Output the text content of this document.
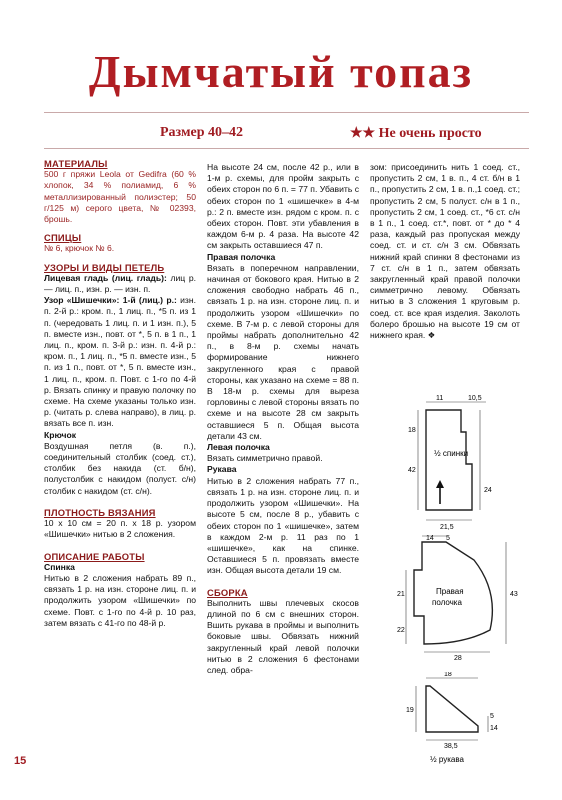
Дымчатый топаз
Размер 40–42	★★ Не очень просто
МАТЕРИАЛЫ

500 г пряжи Leola от Gedifra (60 % хлопок, 34 % полиамид, 6 % металлизированный полиэстер; 50 г/125 м) серого цвета, № 02393, брошь.

СПИЦЫ

№ 6, крючок № 6.

УЗОРЫ И ВИДЫ ПЕТЕЛЬ

Лицевая гладь (лиц. гладь): лиц р. — лиц. п., изн. р. — изн. п.

Узор «Шишечки»: 1-й (лиц.) р.: изн. п. 2-й р.: кром. п., 1 лиц. п., *5 п. из 1 п. (чередовать 1 лиц. п. и 1 изн. п.), 5 п. вместе изн., повт. от *, 5 п. в 1 п., 1 лиц. п., кром. п. 3-й р.: изн. п. 4-й р.: кром. п., 1 лиц. п., *5 п. вместе изн., 5 п. из 1 п., повт. от *, 5 п. вместе изн., 1 лиц. п., кром. п. Повт. с 1-го по 4-й р. Вязать спинку и правую полочку по схеме. На схеме указаны только изн. р. (читать р. слева направо), в лиц. р. вязать все п. изн.

Крючок

Воздушная петля (в. п.), соединительный столбик (соед. ст.), столбик без накида (ст. б/н), полустолбик с накидом (полуст. с/н) столбик с накидом (ст. с/н).

ПЛОТНОСТЬ ВЯЗАНИЯ

10 х 10 см = 20 п. х 18 р. узором «Шишечки» нитью в 2 сложения.

ОПИСАНИЕ РАБОТЫ

Спинка

Нитью в 2 сложения набрать 89 п., связать 1 р. на изн. стороне лиц. п. и продолжить узором «Шишечки» по схеме. Повт. с 1-го по 4-й р. 10 раз, затем вязать с 41-го по 48-й р.

На высоте 24 см, после 42 р., или в 1-м р. схемы, для пройм закрыть с обеих сторон по 6 п. = 77 п. Убавить с обеих сторон по 1 «шишечке» в 4-м р.: 2 п. вместе изн. рядом с кром. п. с обеих сторон. Повт. эти убавления в каждом 6-м р. 4 раза. На высоте 42 см закрыть оставшиеся 47 п.

Правая полочка

Вязать в поперечном направлении, начиная от бокового края. Нитью в 2 сложения свободно набрать 46 п., связать 1 р. на изн. стороне лиц. п. и продолжить узором «Шишечки» по схеме. В 7-м р. с левой стороны для проймы набрать дополнительно 42 п., в 8-м р. схемы начать формирование нижнего закругленного края с правой стороны, как указано на схеме = 88 п. В 18-м р. схемы для выреза горловины с левой стороны вязать по схеме и на высоте 28 см закрыть оставшиеся 5 п. Общая высота детали 43 см.

Левая полочка

Вязать симметрично правой.

Рукава

Нитью в 2 сложения набрать 77 п., связать 1 р. на изн. стороне лиц. п. и продолжить узором «Шишечки». На высоте 5 см, после 8 р., убавить с обеих сторон по 1 «шишечке», затем в каждом 2-м р. 11 раз по 1 «шишечке», как на спинке. Оставшиеся 5 п. провязать вместе изн. Общая высота детали 19 см.

СБОРКА

Выполнить швы плечевых скосов длиной по 6 см с внешних сторон. Вшить рукава в проймы и выполнить боковые швы. Обвязать нижний закругленный край левой полочки нитью в 2 сложения 6 фестонами след. обра-

зом: присоединить нить 1 соед. ст., пропустить 2 см, 1 в. п., 4 ст. б/н в 1 п., пропустить 2 см, 1 в. п.,1 соед. ст.; пропустить 2 см, 5 полуст. с/н в 1 п., пропустить 2 см, 1 соед. ст., *6 ст. с/н в 1 п., 1 соед. ст.*, повт. от * до * 4 раза, каждый раз пропуская между соед. ст. и ст. с/н 3 см. Обвязать нижний край спинки 8 фестонами из 7 ст. с/н в 1 п., затем обвязать закругленный край правой полочки симметрично левому. Обвязать нитью в 3 сложения 1 круговым р. соед. ст. все края изделия. Заколоть болеро брошью на высоте 19 см от нижнего края. ❖

11	10,5
18
42
24
21,5
½ спинки
14 5
21
22
28
43
Правая
полочка
18
19
5
14
38,5
½ рукава
15
